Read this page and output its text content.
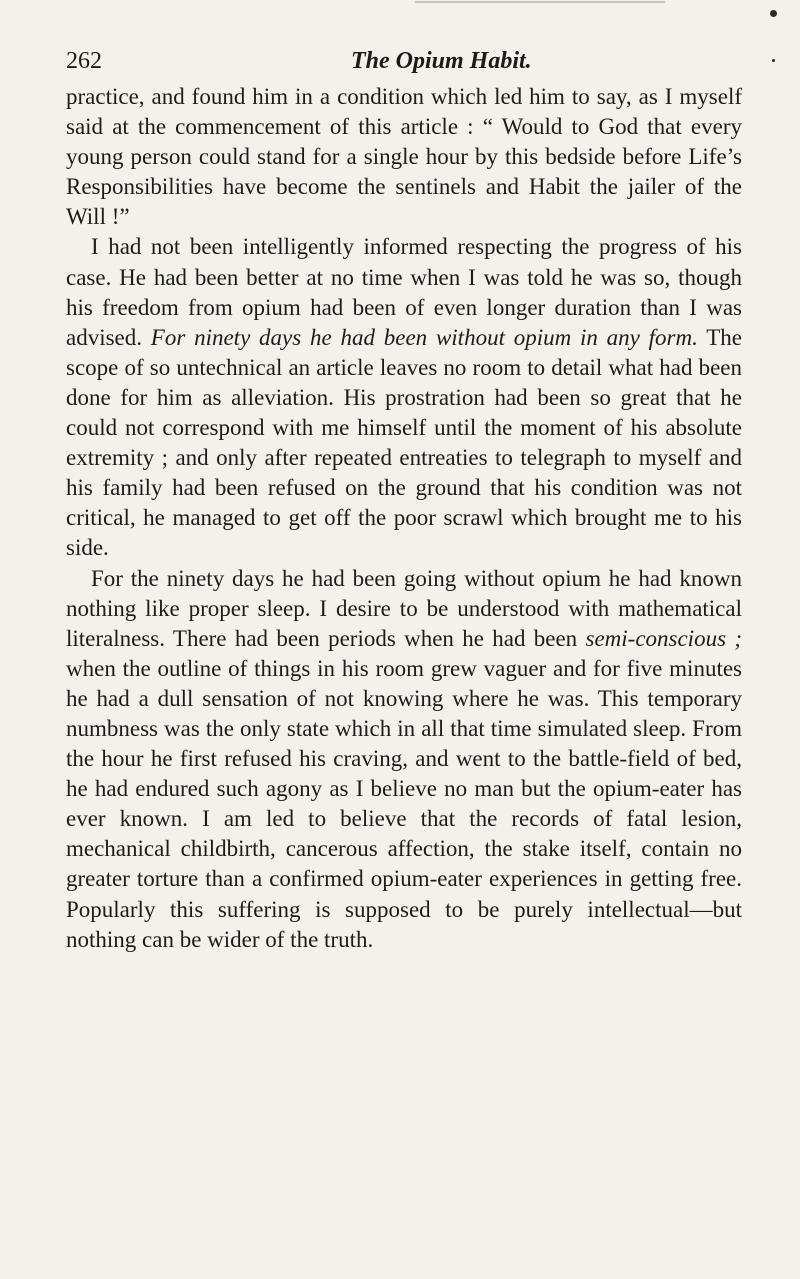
262	The Opium Habit.

practice, and found him in a condition which led him to say, as I myself said at the commencement of this article : “ Would to God that every young person could stand for a single hour by this bedside before Life’s Responsibilities have become the sentinels and Habit the jailer of the Will !”

I had not been intelligently informed respecting the progress of his case. He had been better at no time when I was told he was so, though his freedom from opium had been of even longer duration than I was advised. For ninety days he had been without opium in any form. The scope of so untechnical an article leaves no room to detail what had been done for him as alleviation. His prostration had been so great that he could not correspond with me himself until the moment of his absolute extremity ; and only after repeated entreaties to telegraph to myself and his family had been refused on the ground that his condition was not critical, he managed to get off the poor scrawl which brought me to his side.

For the ninety days he had been going without opium he had known nothing like proper sleep. I desire to be understood with mathematical literalness. There had been periods when he had been semi-conscious ; when the outline of things in his room grew vaguer and for five minutes he had a dull sensation of not knowing where he was. This temporary numbness was the only state which in all that time simulated sleep. From the hour he first refused his craving, and went to the battle-field of bed, he had endured such agony as I believe no man but the opium-eater has ever known. I am led to believe that the records of fatal lesion, mechanical childbirth, cancerous affection, the stake itself, contain no greater torture than a confirmed opium-eater experiences in getting free. Popularly this suffering is supposed to be purely intellectual—but nothing can be wider of the truth.
